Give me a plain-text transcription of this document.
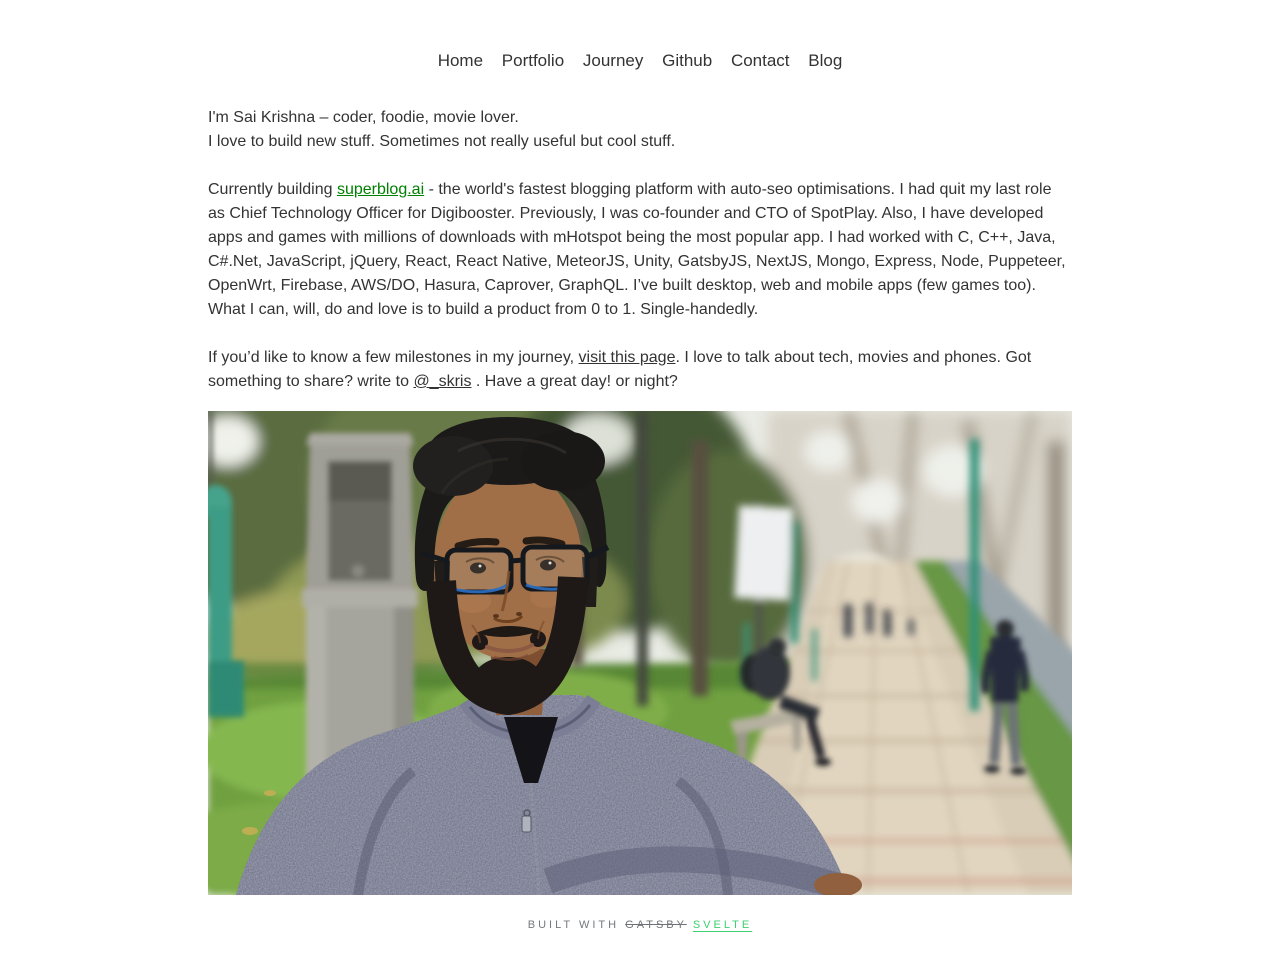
Home Portfolio Journey Github Contact Blog

I'm Sai Krishna – coder, foodie, movie lover.
I love to build new stuff. Sometimes not really useful but cool stuff.

Currently building superblog.ai - the world's fastest blogging platform with auto-seo optimisations. I had quit my last role as Chief Technology Officer for Digibooster. Previously, I was co-founder and CTO of SpotPlay. Also, I have developed apps and games with millions of downloads with mHotspot being the most popular app. I had worked with C, C++, Java, C#.Net, JavaScript, jQuery, React, React Native, MeteorJS, Unity, GatsbyJS, NextJS, Mongo, Express, Node, Puppeteer, OpenWrt, Firebase, AWS/DO, Hasura, Caprover, GraphQL. I’ve built desktop, web and mobile apps (few games too). What I can, will, do and love is to build a product from 0 to 1. Single-handedly.

If you’d like to know a few milestones in my journey, visit this page. I love to talk about tech, movies and phones. Got something to share? write to @_skris . Have a great day! or night?

BUILT WITH GATSBY SVELTE
